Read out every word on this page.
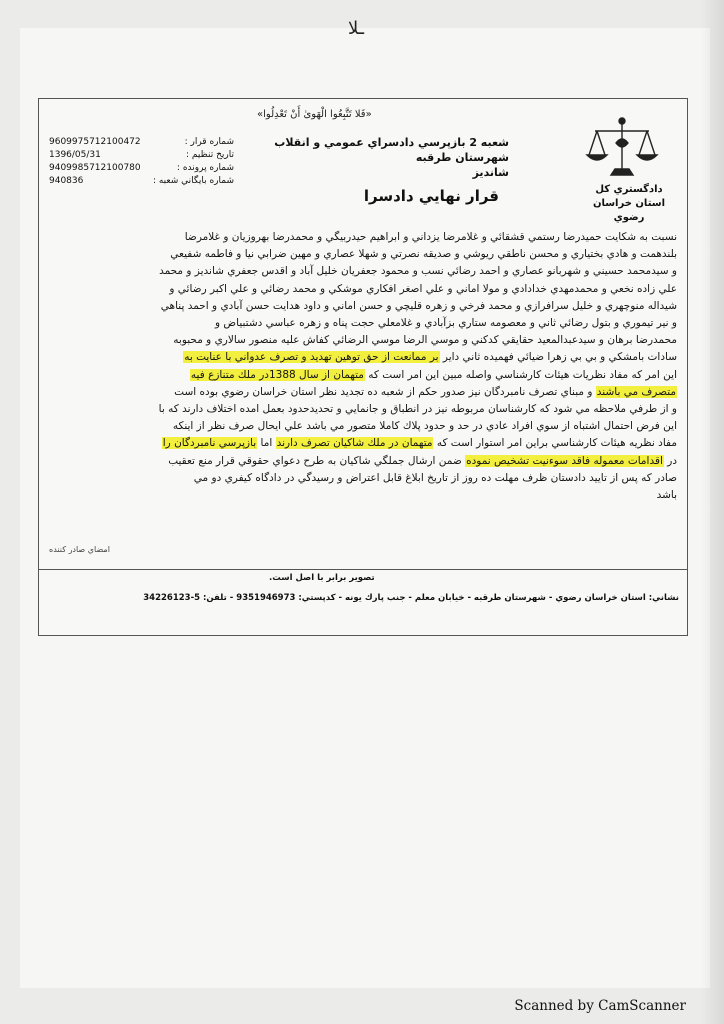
ـلا
«فَلا تَتَّبِعُوا الْهَوىٰ أَنْ تَعْدِلُوا»
شعبه 2 بازپرسي دادسراي عمومي و انقلاب شهرستان طرقبه
شانديز
قرار نهايي دادسرا
شماره قرار :
9609975712100472
تاريخ تنظيم :
1396/05/31
شماره پرونده :
9409985712100780
شماره بايگاني شعبه :
940836
دادگستري كل استان خراسان
رضوي
نسبت به شكايت حميدرضا رستمي قشقائي و غلامرضا يزداني و ابراهيم حيدربيگي و محمدرضا بهروزيان و غلامرضا
بلندهمت و هادي بختياري و محسن ناطقي ريوشي و صديقه نصرتي و شهلا عصاري و مهين ضرابي نيا و فاطمه شفيعي
و سيدمحمد حسيني و شهربانو عصاري و احمد رضائي نسب و محمود جعفريان خليل آباد و اقدس جعفري شانديز و محمد
علي زاده نخعي و محمدمهدي خدادادي و مولا اماني و علي اصغر افكاري موشكي و محمد رضائي و علي اكبر رضائي و
شيداله منوچهري و خليل سرافرازي و محمد فرخي و زهره قليچي و حسن اماني و داود هدايت حسن آبادي و احمد پناهي
و نير تيموري و بتول رضائي ثاني و معصومه ستاري بزآبادي و غلامعلي حجت پناه و زهره عباسي دشتبياض و
محمدرضا برهان و سيدعبدالمعيد حقايقي كدكني و موسي الرضا موسي الرضائي كفاش عليه منصور سالاري و محبوبه
سادات بامشكي و بي بي زهرا ضيائي فهميده ثاني داير بر ممانعت از حق توهين تهديد و تصرف عدواني با عنايت به
اين امر كه مفاد نظريات هيئات كارشناسي واصله مبين اين امر است كه متهمان از سال 1388در ملك متنازع فيه
متصرف مي باشند و مبناي تصرف نامبردگان نيز صدور حكم از شعبه ده تجديد نظر استان خراسان رضوي بوده است
و از طرفي ملاحظه مي شود كه كارشناسان مربوطه نيز در انطباق و جانمايي و تحديدحدود بعمل امده اختلاف دارند كه با
اين فرض احتمال اشتباه از سوي افراد عادي در حد و حدود پلاك كاملا متصور مي باشد علي ايحال صرف نظر از اينكه
مفاد نظريه هيئات كارشناسي براين امر استوار است كه متهمان در ملك شاكيان تصرف دارند اما بازپرسي نامبردگان را
در اقدامات معموله فاقد سوءنيت تشخيص نموده ضمن ارشال جملگي شاكيان به طرح دعواي حقوقي قرار منع تعقيب
صادر كه پس از تاييد دادستان ظرف مهلت ده روز از تاريخ ابلاغ قابل اعتراض و رسيدگي در دادگاه كيفري دو مي
باشد
امضاي صادر كننده
تصوير برابر با اصل است.
نشاني: استان خراسان رضوي - شهرستان طرقبه - خيابان معلم - جنب پارك يونه - كدپستي: 9351946973 - تلفن: 5-34226123
Scanned by CamScanner
